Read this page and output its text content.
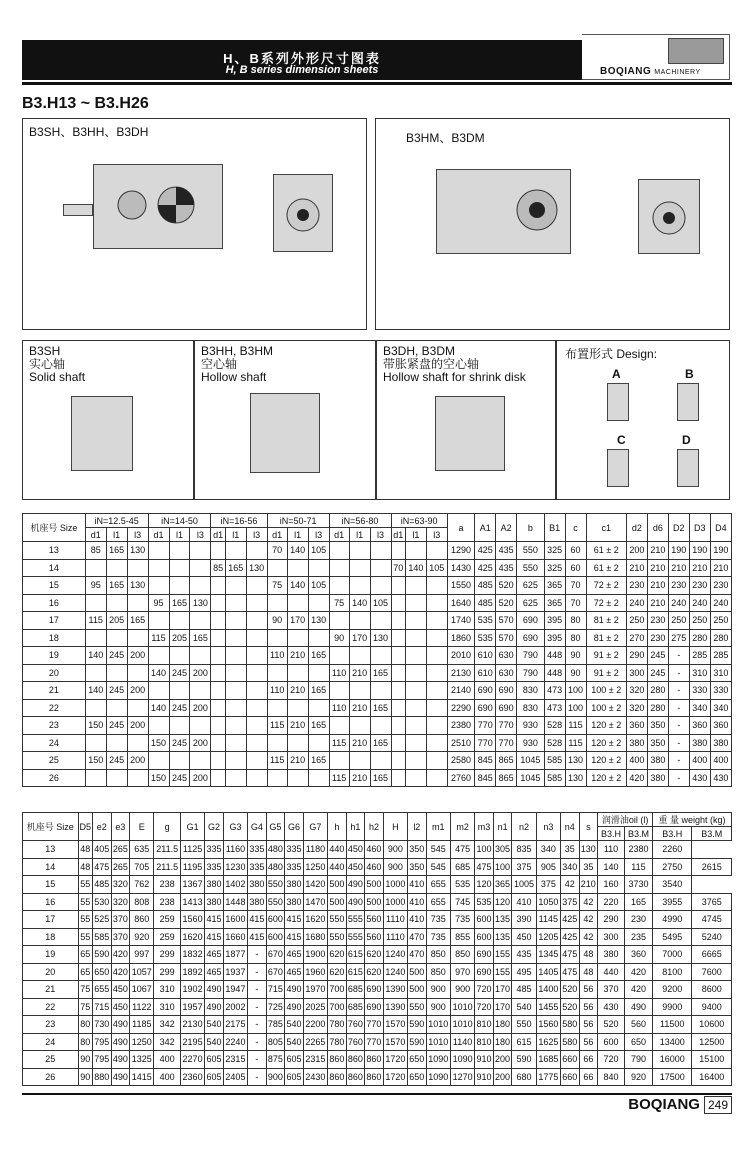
H、B系列外形尺寸图表
H, B series dimension sheets	BOQIANG MACHINERY
B3.H13 ~ B3.H26
B3SH、B3HH、B3DH	B3HM、B3DM
B3SH
实心轴
Solid shaft
B3HH, B3HM
空心轴
Hollow shaft
B3DH, B3DM
带胀紧盘的空心轴
Hollow shaft for shrink disk
布置形式 Design:
A	B
C	D
机座号 Size	iN=12.5-45			iN=14-50			iN=16-56			iN=50-71			iN=56-80			iN=63-90			a	A1	A2	b	B1	c	c1	d2	d6	D2	D3	D4
	d1	l1	l3	d1	l1	l3	d1	l1	l3	d1	l1	l3	d1	l1	l3	d1	l1	l3												
13	85	165	130							70	140	105							1290	425	435	550	325	60	61 ± 2	200	210	190	190	190
14							85	165	130							70	140	105	1430	425	435	550	325	60	61 ± 2	210	210	210	210	210
15	95	165	130							75	140	105							1550	485	520	625	365	70	72 ± 2	230	210	230	230	230
16				95	165	130							75	140	105				1640	485	520	625	365	70	72 ± 2	240	210	240	240	240
17	115	205	165							90	170	130							1740	535	570	690	395	80	81 ± 2	250	230	250	250	250
18				115	205	165							90	170	130				1860	535	570	690	395	80	81 ± 2	270	230	275	280	280
19	140	245	200							110	210	165							2010	610	630	790	448	90	91 ± 2	290	245	-	285	285
20				140	245	200							110	210	165				2130	610	630	790	448	90	91 ± 2	300	245	-	310	310
21	140	245	200							110	210	165							2140	690	690	830	473	100	100 ± 2	320	280	-	330	330
22				140	245	200							110	210	165				2290	690	690	830	473	100	100 ± 2	320	280	-	340	340
23	150	245	200							115	210	165							2380	770	770	930	528	115	120 ± 2	360	350	-	360	360
24				150	245	200							115	210	165				2510	770	770	930	528	115	120 ± 2	380	350	-	380	380
25	150	245	200							115	210	165							2580	845	865	1045	585	130	120 ± 2	400	380	-	400	400
26				150	245	200							115	210	165				2760	845	865	1045	585	130	120 ± 2	420	380	-	430	430
机座号 Size	D5	e2	e3	E	g	G1	G2	G3	G4	G5	G6	G7	h	h1	h2	H	l2	m1	m2	m3	n1	n2	n3	n4	s	润滑油oil (l)		重 量 weight (kg)	
																										B3.H	B3.M	B3.H	B3.M
13	48	405	265	635	211.5	1125	335	1160	335	480	335	1180	440	450	460	900	350	545	475	100	305	835	340	35	130	110	2380	2260	
14	48	475	265	705	211.5	1195	335	1230	335	480	335	1250	440	450	460	900	350	545	685	475	100	375	905	340	35	140	115	2750	2615
15	55	485	320	762	238	1367	380	1402	380	550	380	1420	500	490	500	1000	410	655	535	120	365	1005	375	42	210	160	3730	3540	
16	55	530	320	808	238	1413	380	1448	380	550	380	1470	500	490	500	1000	410	655	745	535	120	410	1050	375	42	220	165	3955	3765
17	55	525	370	860	259	1560	415	1600	415	600	415	1620	550	555	560	1110	410	735	735	600	135	390	1145	425	42	290	230	4990	4745
18	55	585	370	920	259	1620	415	1660	415	600	415	1680	550	555	560	1110	470	735	855	600	135	450	1205	425	42	300	235	5495	5240
19	65	590	420	997	299	1832	465	1877	-	670	465	1900	620	615	620	1240	470	850	850	690	155	435	1345	475	48	380	360	7000	6665
20	65	650	420	1057	299	1892	465	1937	-	670	465	1960	620	615	620	1240	500	850	970	690	155	495	1405	475	48	440	420	8100	7600
21	75	655	450	1067	310	1902	490	1947	-	715	490	1970	700	685	690	1390	500	900	900	720	170	485	1400	520	56	370	420	9200	8600
22	75	715	450	1122	310	1957	490	2002	-	725	490	2025	700	685	690	1390	550	900	1010	720	170	540	1455	520	56	430	490	9900	9400
23	80	730	490	1185	342	2130	540	2175	-	785	540	2200	780	760	770	1570	590	1010	1010	810	180	550	1560	580	56	520	560	11500	10600
24	80	795	490	1250	342	2195	540	2240	-	805	540	2265	780	760	770	1570	590	1010	1140	810	180	615	1625	580	56	600	650	13400	12500
25	90	795	490	1325	400	2270	605	2315	-	875	605	2315	860	860	860	1720	650	1090	1090	910	200	590	1685	660	66	720	790	16000	15100
26	90	880	490	1415	400	2360	605	2405	-	900	605	2430	860	860	860	1720	650	1090	1270	910	200	680	1775	660	66	840	920	17500	16400
BOQIANG 249
